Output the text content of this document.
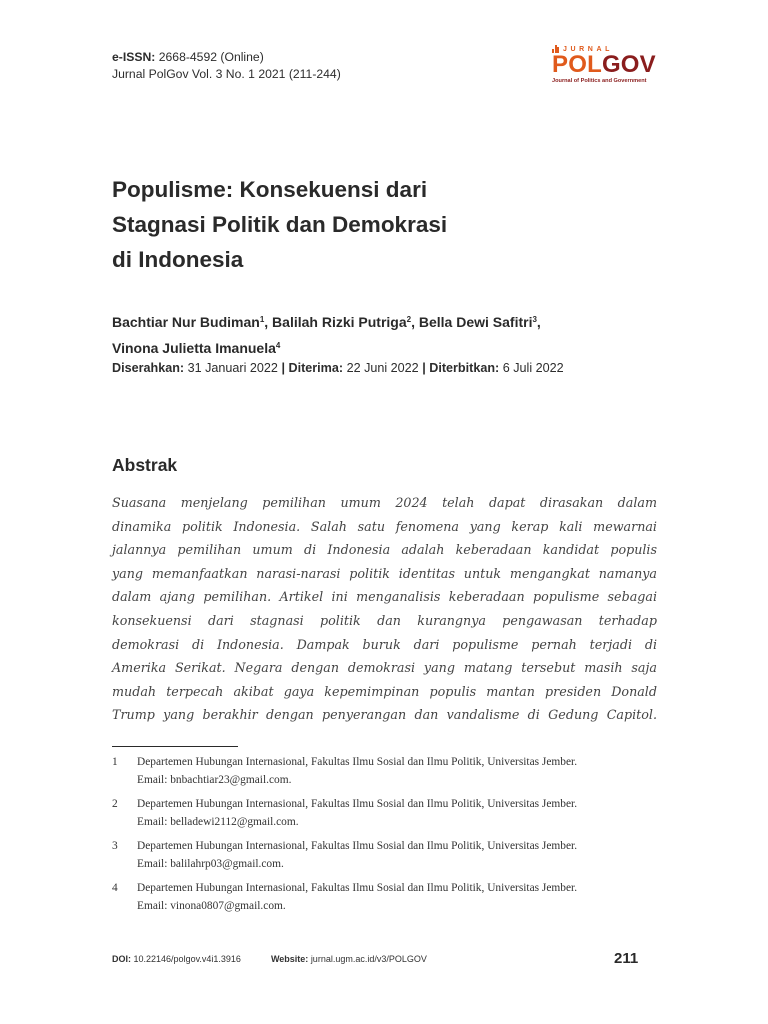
e-ISSN: 2668-4592 (Online)
Jurnal PolGov Vol. 3 No. 1 2021 (211-244)
JURNAL
POLGOV
Journal of Politics and Government
Populisme: Konsekuensi dari
Stagnasi Politik dan Demokrasi
di Indonesia
Bachtiar Nur Budiman$^1$, Balilah Rizki Putriga$^2$, Bella Dewi Safitri$^3$,
Vinona Julietta Imanuela$^4$
Diserahkan: 31 Januari 2022 | Diterima: 22 Juni 2022 | Diterbitkan: 6 Juli 2022
Abstrak

Suasana menjelang pemilihan umum 2024 telah dapat dirasakan dalam
dinamika politik Indonesia. Salah satu fenomena yang kerap kali mewarnai
jalannya pemilihan umum di Indonesia adalah keberadaan kandidat populis
yang memanfaatkan narasi-narasi politik identitas untuk mengangkat namanya
dalam ajang pemilihan. Artikel ini menganalisis keberadaan populisme sebagai
konsekuensi dari stagnasi politik dan kurangnya pengawasan terhadap
demokrasi di Indonesia. Dampak buruk dari populisme pernah terjadi di
Amerika Serikat. Negara dengan demokrasi yang matang tersebut masih saja
mudah terpecah akibat gaya kepemimpinan populis mantan presiden Donald
Trump yang berakhir dengan penyerangan dan vandalisme di Gedung Capitol.

1 Departemen Hubungan Internasional, Fakultas Ilmu Sosial dan Ilmu Politik, Universitas Jember.
Email: bnbachtiar23@gmail.com.
2 Departemen Hubungan Internasional, Fakultas Ilmu Sosial dan Ilmu Politik, Universitas Jember.
Email: belladewi2112@gmail.com.
3 Departemen Hubungan Internasional, Fakultas Ilmu Sosial dan Ilmu Politik, Universitas Jember.
Email: balilahrp03@gmail.com.
4 Departemen Hubungan Internasional, Fakultas Ilmu Sosial dan Ilmu Politik, Universitas Jember.
Email: vinona0807@gmail.com.
DOI: 10.22146/polgov.v4i1.3916	Website: jurnal.ugm.ac.id/v3/POLGOV	211
